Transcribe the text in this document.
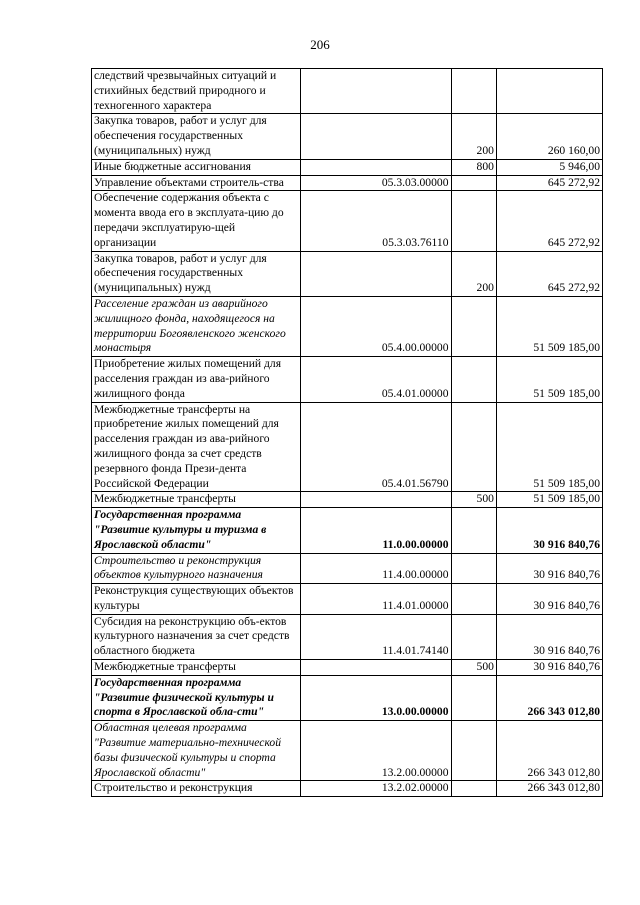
206
следствий чрезвычайных ситуаций и стихийных бедствий природного и техногенного характера			
Закупка товаров, работ и услуг для обеспечения государственных (муниципальных) нужд		200	260 160,00
Иные бюджетные ассигнования		800	5 946,00
Управление объектами строитель-ства	05.3.03.00000		645 272,92
Обеспечение содержания объекта с момента ввода его в эксплуата-цию до передачи эксплуатирую-щей организации	05.3.03.76110		645 272,92
Закупка товаров, работ и услуг для обеспечения государственных (муниципальных) нужд		200	645 272,92
Расселение граждан из аварийного жилищного фонда, находящегося на территории Богоявленского женского монастыря	05.4.00.00000		51 509 185,00
Приобретение жилых помещений для расселения граждан из ава-рийного жилищного фонда	05.4.01.00000		51 509 185,00
Межбюджетные трансферты на приобретение жилых помещений для расселения граждан из ава-рийного жилищного фонда за счет средств резервного фонда Прези-дента Российской Федерации	05.4.01.56790		51 509 185,00
Межбюджетные трансферты		500	51 509 185,00
Государственная программа "Развитие культуры и туризма в Ярославской области"	11.0.00.00000		30 916 840,76
Строительство и реконструкция объектов культурного назначения	11.4.00.00000		30 916 840,76
Реконструкция существующих объектов культуры	11.4.01.00000		30 916 840,76
Субсидия на реконструкцию объ-ектов культурного назначения за счет средств областного бюджета	11.4.01.74140		30 916 840,76
Межбюджетные трансферты		500	30 916 840,76
Государственная программа "Развитие физической культуры и спорта в Ярославской обла-сти"	13.0.00.00000		266 343 012,80
Областная целевая программа "Развитие материально-технической базы физической культуры и спорта Ярославской области"	13.2.00.00000		266 343 012,80
Строительство и реконструкция	13.2.02.00000		266 343 012,80
